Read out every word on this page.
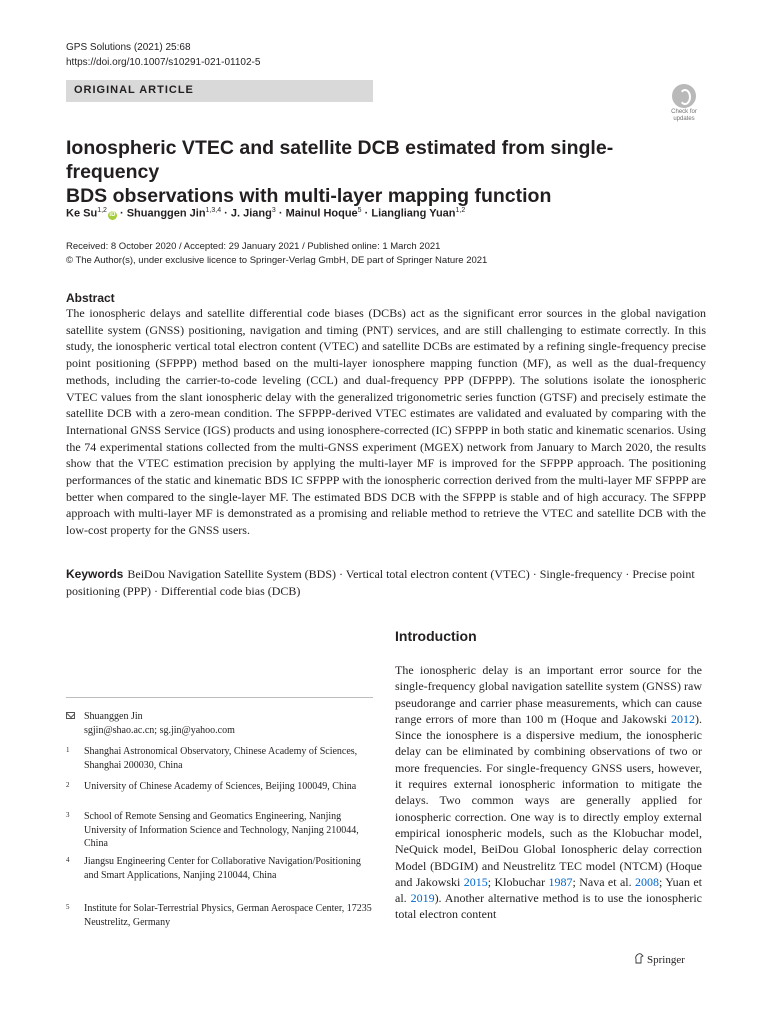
GPS Solutions (2021) 25:68
https://doi.org/10.1007/s10291-021-01102-5
ORIGINAL ARTICLE
Check for updates
Ionospheric VTEC and satellite DCB estimated from single-frequency
BDS observations with multi-layer mapping function
Ke Su$^{1,2}$iD · Shuanggen Jin$^{1,3,4}$ · J. Jiang$^3$ · Mainul Hoque$^5$ · Liangliang Yuan$^{1,2}$
Received: 8 October 2020 / Accepted: 29 January 2021 / Published online: 1 March 2021
© The Author(s), under exclusive licence to Springer-Verlag GmbH, DE part of Springer Nature 2021
Abstract
The ionospheric delays and satellite differential code biases (DCBs) act as the significant error sources in the global navigation satellite system (GNSS) positioning, navigation and timing (PNT) services, and are still challenging to estimate correctly. In this study, the ionospheric vertical total electron content (VTEC) and satellite DCBs are estimated by a refining single-frequency precise point positioning (SFPPP) method based on the multi-layer ionosphere mapping function (MF), as well as the dual-frequency methods, including the carrier-to-code leveling (CCL) and dual-frequency PPP (DFPPP). The solutions isolate the ionospheric VTEC values from the slant ionospheric delay with the generalized trigonometric series function (GTSF) and precisely estimate the satellite DCB with a zero-mean condition. The SFPPP-derived VTEC estimates are validated and evaluated by comparing with the International GNSS Service (IGS) products and using ionosphere-corrected (IC) SFPPP in both static and kinematic scenarios. Using the 74 experimental stations collected from the multi-GNSS experiment (MGEX) network from January to March 2020, the results show that the VTEC estimation precision by applying the multi-layer MF is improved for the SFPPP approach. The positioning performances of the static and kinematic BDS IC SFPPP with the ionospheric correction derived from the multi-layer MF SFPPP are better when compared to the single-layer MF. The estimated BDS DCB with the SFPPP is stable and of high accuracy. The SFPPP approach with multi-layer MF is demonstrated as a promising and reliable method to retrieve the VTEC and satellite DCB with the low-cost property for the GNSS users.
Keywords BeiDou Navigation Satellite System (BDS) · Vertical total electron content (VTEC) · Single-frequency · Precise point positioning (PPP) · Differential code bias (DCB)
Introduction
The ionospheric delay is an important error source for the single-frequency global navigation satellite system (GNSS) raw pseudorange and carrier phase measurements, which can cause range errors of more than 100 m (Hoque and Jakowski 2012). Since the ionosphere is a dispersive medium, the ionospheric delay can be eliminated by combining observations of two or more frequencies. For single-frequency GNSS users, however, it requires external ionospheric information to mitigate the delays. Two common ways are generally applied for ionospheric correction. One way is to directly employ external empirical ionospheric models, such as the Klobuchar model, NeQuick model, BeiDou Global Ionospheric delay correction Model (BDGIM) and Neustrelitz TEC model (NTCM) (Hoque and Jakowski 2015; Klobuchar 1987; Nava et al. 2008; Yuan et al. 2019). Another alternative method is to use the ionospheric total electron content
Shuanggen Jin
sgjin@shao.ac.cn; sg.jin@yahoo.com
1 Shanghai Astronomical Observatory, Chinese Academy of Sciences, Shanghai 200030, China
2 University of Chinese Academy of Sciences, Beijing 100049, China
3 School of Remote Sensing and Geomatics Engineering, Nanjing University of Information Science and Technology, Nanjing 210044, China
4 Jiangsu Engineering Center for Collaborative Navigation/Positioning and Smart Applications, Nanjing 210044, China
5 Institute for Solar-Terrestrial Physics, German Aerospace Center, 17235 Neustrelitz, Germany
Springer
